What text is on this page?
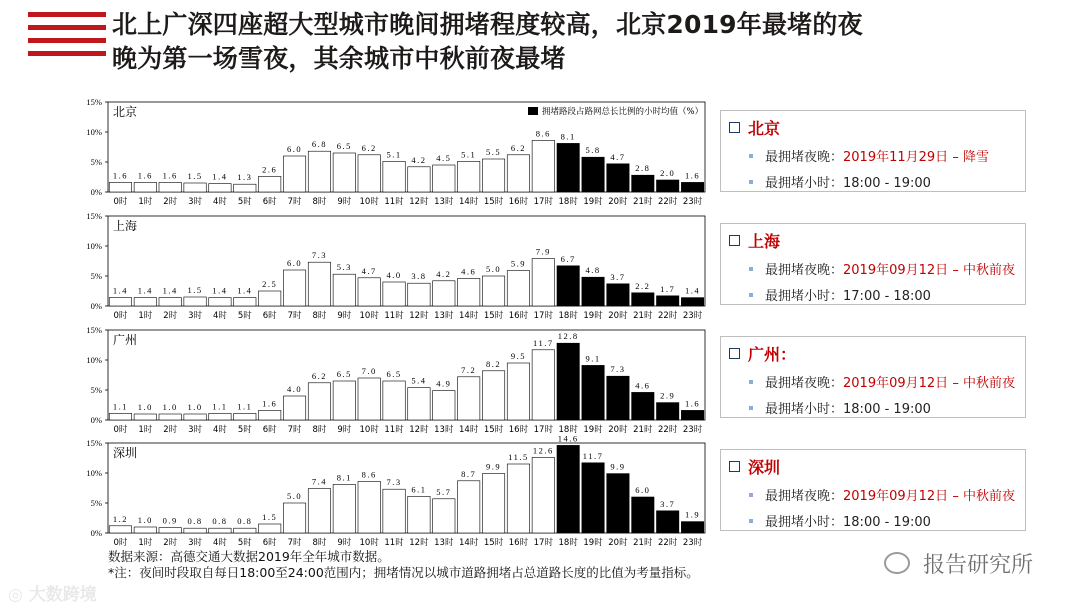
北上广深四座超大型城市晚间拥堵程度较高，北京2019年最堵的夜
晚为第一场雪夜，其余城市中秋前夜最堵
0%
5%
10%
15%
北京
1.6
0时
1.6
1时
1.6
2时
1.5
3时
1.4
4时
1.3
5时
2.6
6时
6.0
7时
6.8
8时
6.5
9时
6.2
10时
5.1
11时
4.2
12时
4.5
13时
5.1
14时
5.5
15时
6.2
16时
8.6
17时
8.1
18时
5.8
19时
4.7
20时
2.8
21时
2.0
22时
1.6
23时
拥堵路段占路网总长比例的小时均值（%）
0%
5%
10%
15%
上海
1.4
0时
1.4
1时
1.4
2时
1.5
3时
1.4
4时
1.4
5时
2.5
6时
6.0
7时
7.3
8时
5.3
9时
4.7
10时
4.0
11时
3.8
12时
4.2
13时
4.6
14时
5.0
15时
5.9
16时
7.9
17时
6.7
18时
4.8
19时
3.7
20时
2.2
21时
1.7
22时
1.4
23时
0%
5%
10%
15%
广州
1.1
0时
1.0
1时
1.0
2时
1.0
3时
1.1
4时
1.1
5时
1.6
6时
4.0
7时
6.2
8时
6.5
9时
7.0
10时
6.5
11时
5.4
12时
4.9
13时
7.2
14时
8.2
15时
9.5
16时
11.7
17时
12.8
18时
9.1
19时
7.3
20时
4.6
21时
2.9
22时
1.6
23时
0%
5%
10%
15%
深圳
1.2
0时
1.0
1时
0.9
2时
0.8
3时
0.8
4时
0.8
5时
1.5
6时
5.0
7时
7.4
8时
8.1
9时
8.6
10时
7.3
11时
6.1
12时
5.7
13时
8.7
14时
9.9
15时
11.5
16时
12.6
17时
14.6
18时
11.7
19时
9.9
20时
6.0
21时
3.7
22时
1.9
23时
北京
最拥堵夜晚：2019年11月29日 – 降雪
最拥堵小时：18:00 - 19:00
上海
最拥堵夜晚：2019年09月12日 – 中秋前夜
最拥堵小时：17:00 - 18:00
广州：
最拥堵夜晚：2019年09月12日 – 中秋前夜
最拥堵小时：18:00 - 19:00
深圳
最拥堵夜晚：2019年09月12日 – 中秋前夜
最拥堵小时：18:00 - 19:00
数据来源：高德交通大数据2019年全年城市数据。
*注：夜间时段取自每日18:00至24:00范围内；拥堵情况以城市道路拥堵占总道路长度的比值为考量指标。
◎ 大数跨境
报告研究所
